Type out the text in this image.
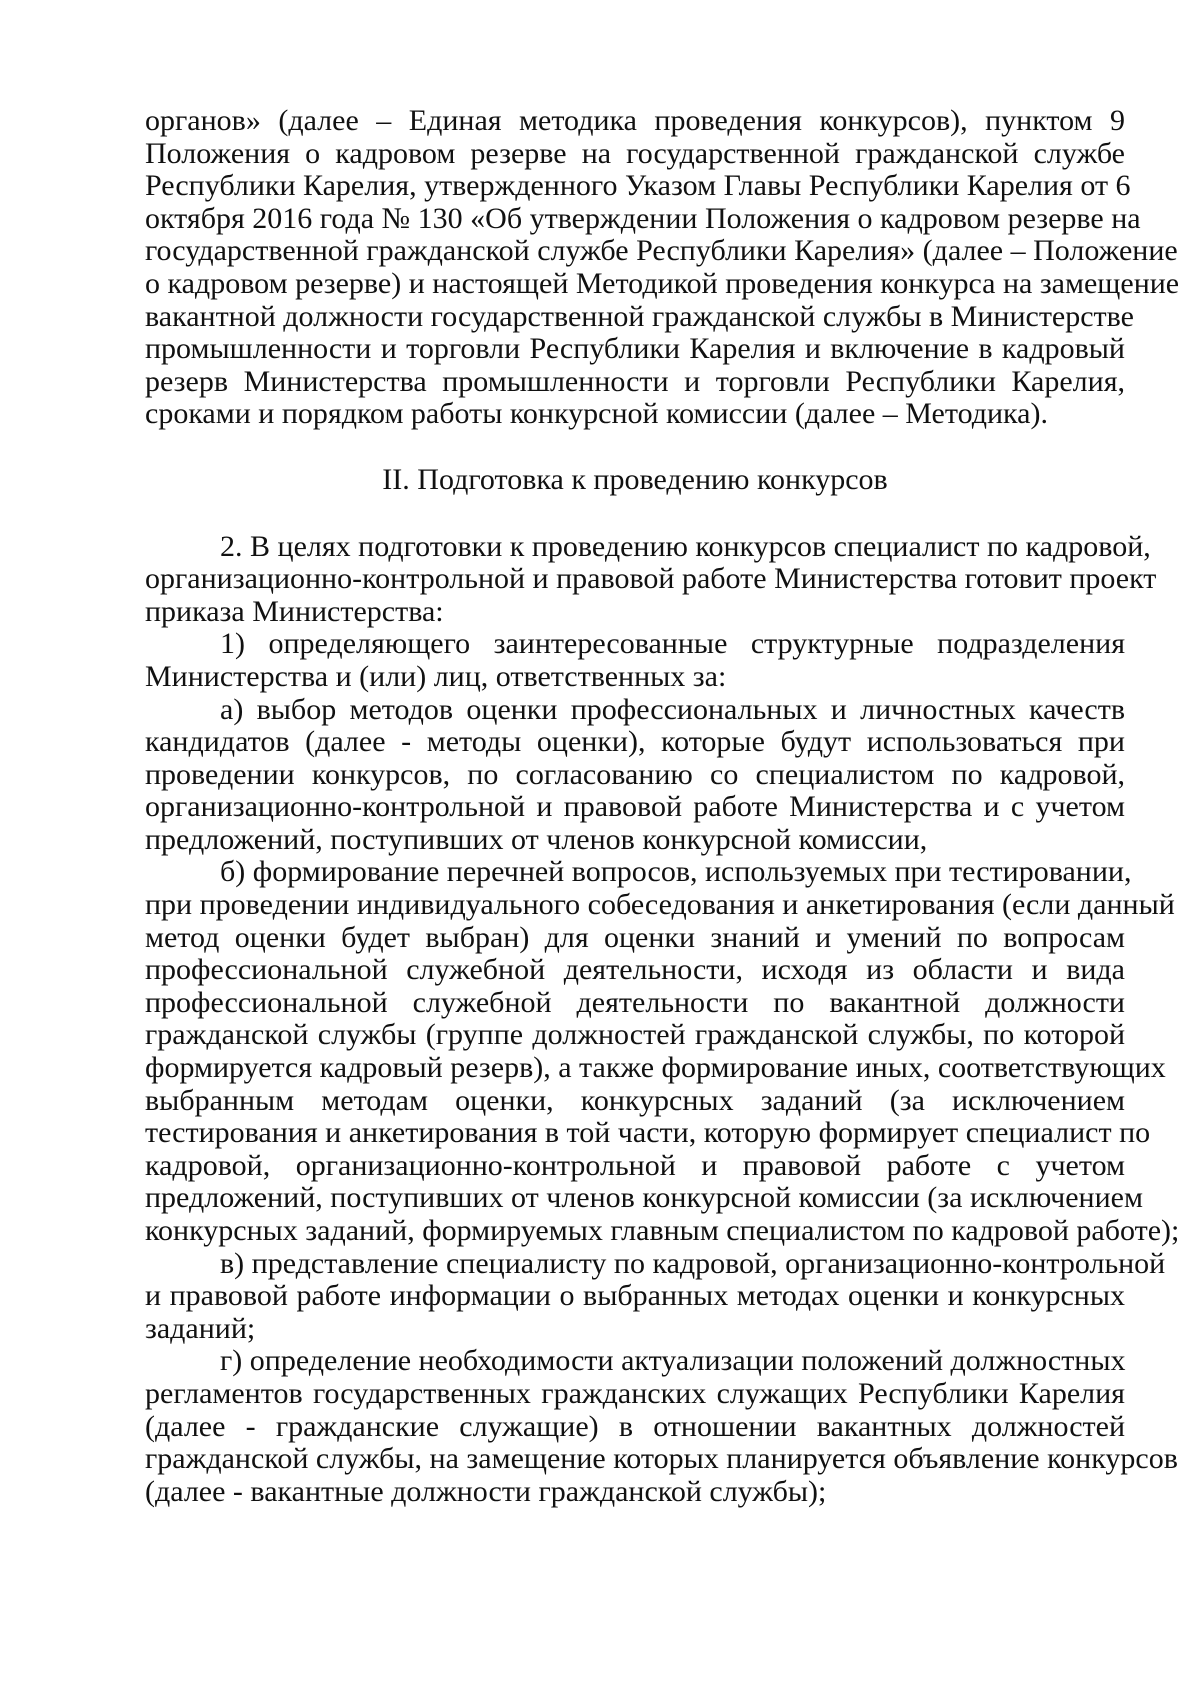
органов» (далее – Единая методика проведения конкурсов), пунктом 9
Положения о кадровом резерве на государственной гражданской службе
Республики Карелия, утвержденного Указом Главы Республики Карелия от 6
октября 2016 года № 130 «Об утверждении Положения о кадровом резерве на
государственной гражданской службе Республики Карелия» (далее – Положение
о кадровом резерве) и настоящей Методикой проведения конкурса на замещение
вакантной должности государственной гражданской службы в Министерстве
промышленности и торговли Республики Карелия и включение в кадровый
резерв Министерства промышленности и торговли Республики Карелия,
сроками и порядком работы конкурсной комиссии (далее – Методика).
II. Подготовка к проведению конкурсов
2. В целях подготовки к проведению конкурсов специалист по кадровой,
организационно-контрольной и правовой работе Министерства готовит проект
приказа Министерства:
1) определяющего заинтересованные структурные подразделения
Министерства и (или) лиц, ответственных за:
а) выбор методов оценки профессиональных и личностных качеств
кандидатов (далее - методы оценки), которые будут использоваться при
проведении конкурсов, по согласованию со специалистом по кадровой,
организационно-контрольной и правовой работе Министерства и с учетом
предложений, поступивших от членов конкурсной комиссии,
б) формирование перечней вопросов, используемых при тестировании,
при проведении индивидуального собеседования и анкетирования (если данный
метод оценки будет выбран) для оценки знаний и умений по вопросам
профессиональной служебной деятельности, исходя из области и вида
профессиональной служебной деятельности по вакантной должности
гражданской службы (группе должностей гражданской службы, по которой
формируется кадровый резерв), а также формирование иных, соответствующих
выбранным методам оценки, конкурсных заданий (за исключением
тестирования и анкетирования в той части, которую формирует специалист по
кадровой, организационно-контрольной и правовой работе с учетом
предложений, поступивших от членов конкурсной комиссии (за исключением
конкурсных заданий, формируемых главным специалистом по кадровой работе);
в) представление специалисту по кадровой, организационно-контрольной
и правовой работе информации о выбранных методах оценки и конкурсных
заданий;
г) определение необходимости актуализации положений должностных
регламентов государственных гражданских служащих Республики Карелия
(далее - гражданские служащие) в отношении вакантных должностей
гражданской службы, на замещение которых планируется объявление конкурсов
(далее - вакантные должности гражданской службы);
